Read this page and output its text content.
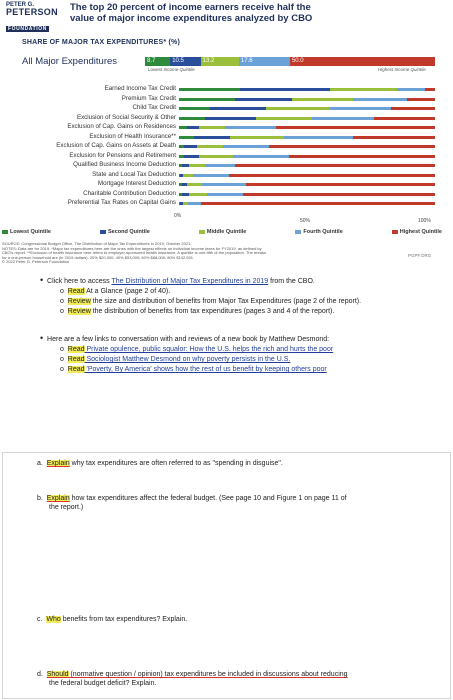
PETER G.
PETERSON
FOUNDATION
The top 20 percent of income earners receive half the
value of major income expenditures analyzed by CBO
SHARE OF MAJOR TAX EXPENDITURES* (%)
All Major Expenditures	8.7	10.5	13.2	17.6	50.0
Lowest Income Quintile	Highest Income Quintile
Earned Income Tax Credit
Premium Tax Credit
Child Tax Credit
Exclusion of Social Security & Other
Exclusion of Cap. Gains on Residences
Exclusion of Health Insurance**
Exclusion of Cap. Gains on Assets at Death
Exclusion for Pensions and Retirement
Qualified Business Income Deduction
State and Local Tax Deduction
Mortgage Interest Deduction
Charitable Contribution Deduction
Preferential Tax Rates on Capital Gains
0%
50%	100%
Lowest Quintile	Second Quintile	Middle Quintile	Fourth Quintile	Highest Quintile
SOURCE: Congressional Budget Office, The Distribution of Major Tax Expenditures in 2019, October 2021.
NOTES: Data are for 2019. *Major tax expenditures here are the ones with the largest effects on individual income taxes for FY2019, as defined by
CBO's report. **Exclusion of health insurance here refers to employer-sponsored health insurance. A quintile is one-fifth of the population. The breaks
for a one-person household are (in 2019 dollars): 20% $20,000; 40% $53,000; 60% $88,000; 80% $142,501.
© 2022 Peter G. Peterson Foundation
PGPF.ORG
• Click here to access The Distribution of Major Tax Expenditures in 2019 from the CBO.
o Read At a Glance (page 2 of 40).
o Review the size and distribution of benefits from Major Tax Expenditures (page 2 of the report).
o Review the distribution of benefits from tax expenditures (pages 3 and 4 of the report).
• Here are a few links to conversation with and reviews of a new book by Matthew Desmond:
o Read Private opulence, public squalor: How the U.S. helps the rich and hurts the poor
o Read Sociologist Matthew Desmond on why poverty persists in the U.S.
o Read 'Poverty, By America' shows how the rest of us benefit by keeping others poor
a. Explain why tax expenditures are often referred to as "spending in disguise".
b. Explain how tax expenditures affect the federal budget. (See page 10 and Figure 1 on page 11 of
the report.)
c. Who benefits from tax expenditures? Explain.
d. Should (normative question / opinion) tax expenditures be included in discussions about reducing
the federal budget deficit? Explain.
